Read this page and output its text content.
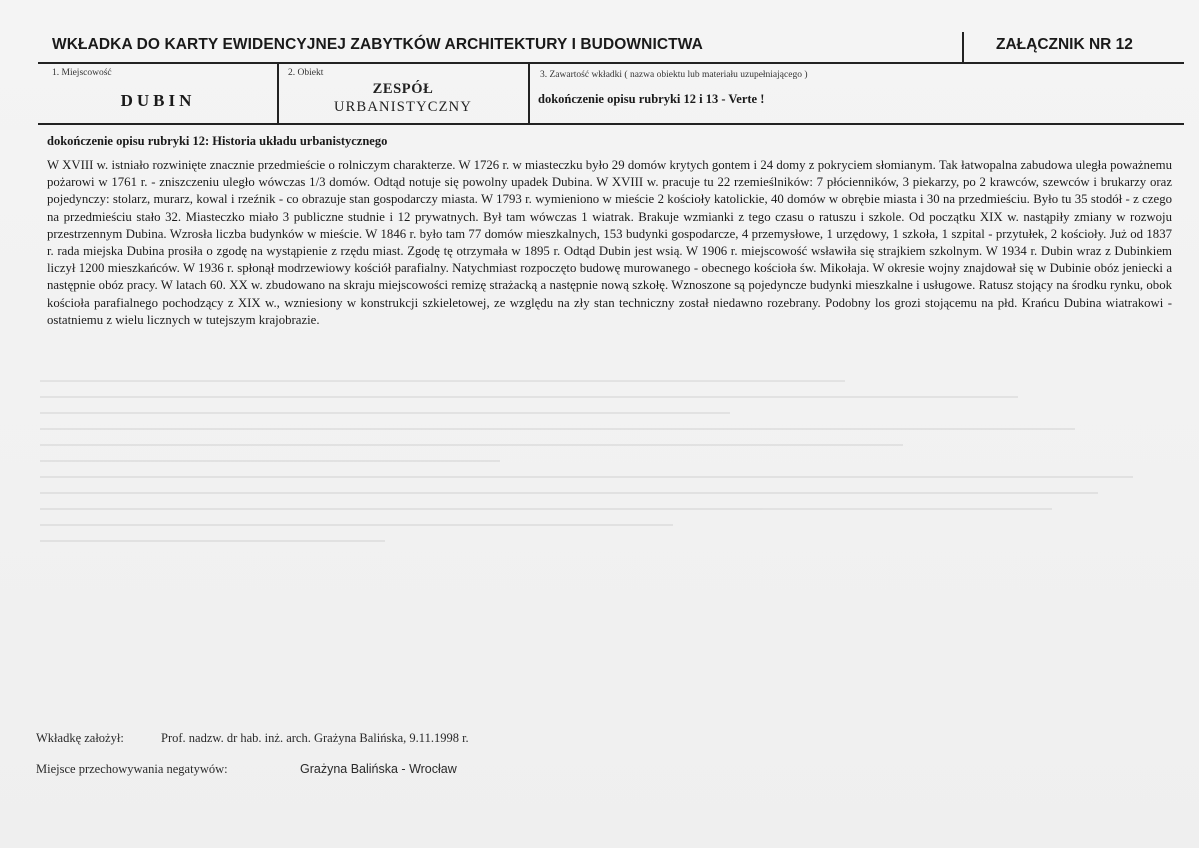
WKŁADKA DO KARTY EWIDENCYJNEJ ZABYTKÓW ARCHITEKTURY I BUDOWNICTWA	ZAŁĄCZNIK NR 12
1. Miejscowość
DUBIN
2. Obiekt
ZESPÓŁ
URBANISTYCZNY
3. Zawartość wkładki ( nazwa obiektu lub materiału uzupełniającego )
dokończenie opisu rubryki 12 i 13 - Verte !
dokończenie opisu rubryki 12: Historia układu urbanistycznego
W XVIII w. istniało rozwinięte znacznie przedmieście o rolniczym charakterze. W 1726 r. w miasteczku było 29 domów krytych gontem i 24 domy z pokryciem słomianym. Tak łatwopalna zabudowa uległa poważnemu pożarowi w 1761 r. - zniszczeniu uległo wówczas 1/3 domów. Odtąd notuje się powolny upadek Dubina. W XVIII w. pracuje tu 22 rzemieślników: 7 płócienników, 3 piekarzy, po 2 krawców, szewców i brukarzy oraz pojedynczy: stolarz, murarz, kowal i rzeźnik - co obrazuje stan gospodarczy miasta. W 1793 r. wymieniono w mieście 2 kościoły katolickie, 40 domów w obrębie miasta i 30 na przedmieściu. Było tu 35 stodół - z czego na przedmieściu stało 32. Miasteczko miało 3 publiczne studnie i 12 prywatnych. Był tam wówczas 1 wiatrak. Brakuje wzmianki z tego czasu o ratuszu i szkole. Od początku XIX w. nastąpiły zmiany w rozwoju przestrzennym Dubina. Wzrosła liczba budynków w mieście. W 1846 r. było tam 77 domów mieszkalnych, 153 budynki gospodarcze, 4 przemysłowe, 1 urzędowy, 1 szkoła, 1 szpital - przytułek, 2 kościoły. Już od 1837 r. rada miejska Dubina prosiła o zgodę na wystąpienie z rzędu miast. Zgodę tę otrzymała w 1895 r. Odtąd Dubin jest wsią. W 1906 r. miejscowość wsławiła się strajkiem szkolnym. W 1934 r. Dubin wraz z Dubinkiem liczył 1200 mieszkańców. W 1936 r. spłonął modrzewiowy kościół parafialny. Natychmiast rozpoczęto budowę murowanego - obecnego kościoła św. Mikołaja. W okresie wojny znajdował się w Dubinie obóz jeniecki a następnie obóz pracy. W latach 60. XX w. zbudowano na skraju miejscowości remizę strażacką a następnie nową szkołę. Wznoszone są pojedyncze budynki mieszkalne i usługowe. Ratusz stojący na środku rynku, obok kościoła parafialnego pochodzący z XIX w., wzniesiony w konstrukcji szkieletowej, ze względu na zły stan techniczny został niedawno rozebrany. Podobny los grozi stojącemu na płd. Krańcu Dubina wiatrakowi - ostatniemu z wielu licznych w tutejszym krajobrazie.
Wkładkę założył:	Prof. nadzw. dr hab. inż. arch. Grażyna Balińska, 9.11.1998 r.
Miejsce przechowywania negatywów:	Grażyna Balińska - Wrocław
